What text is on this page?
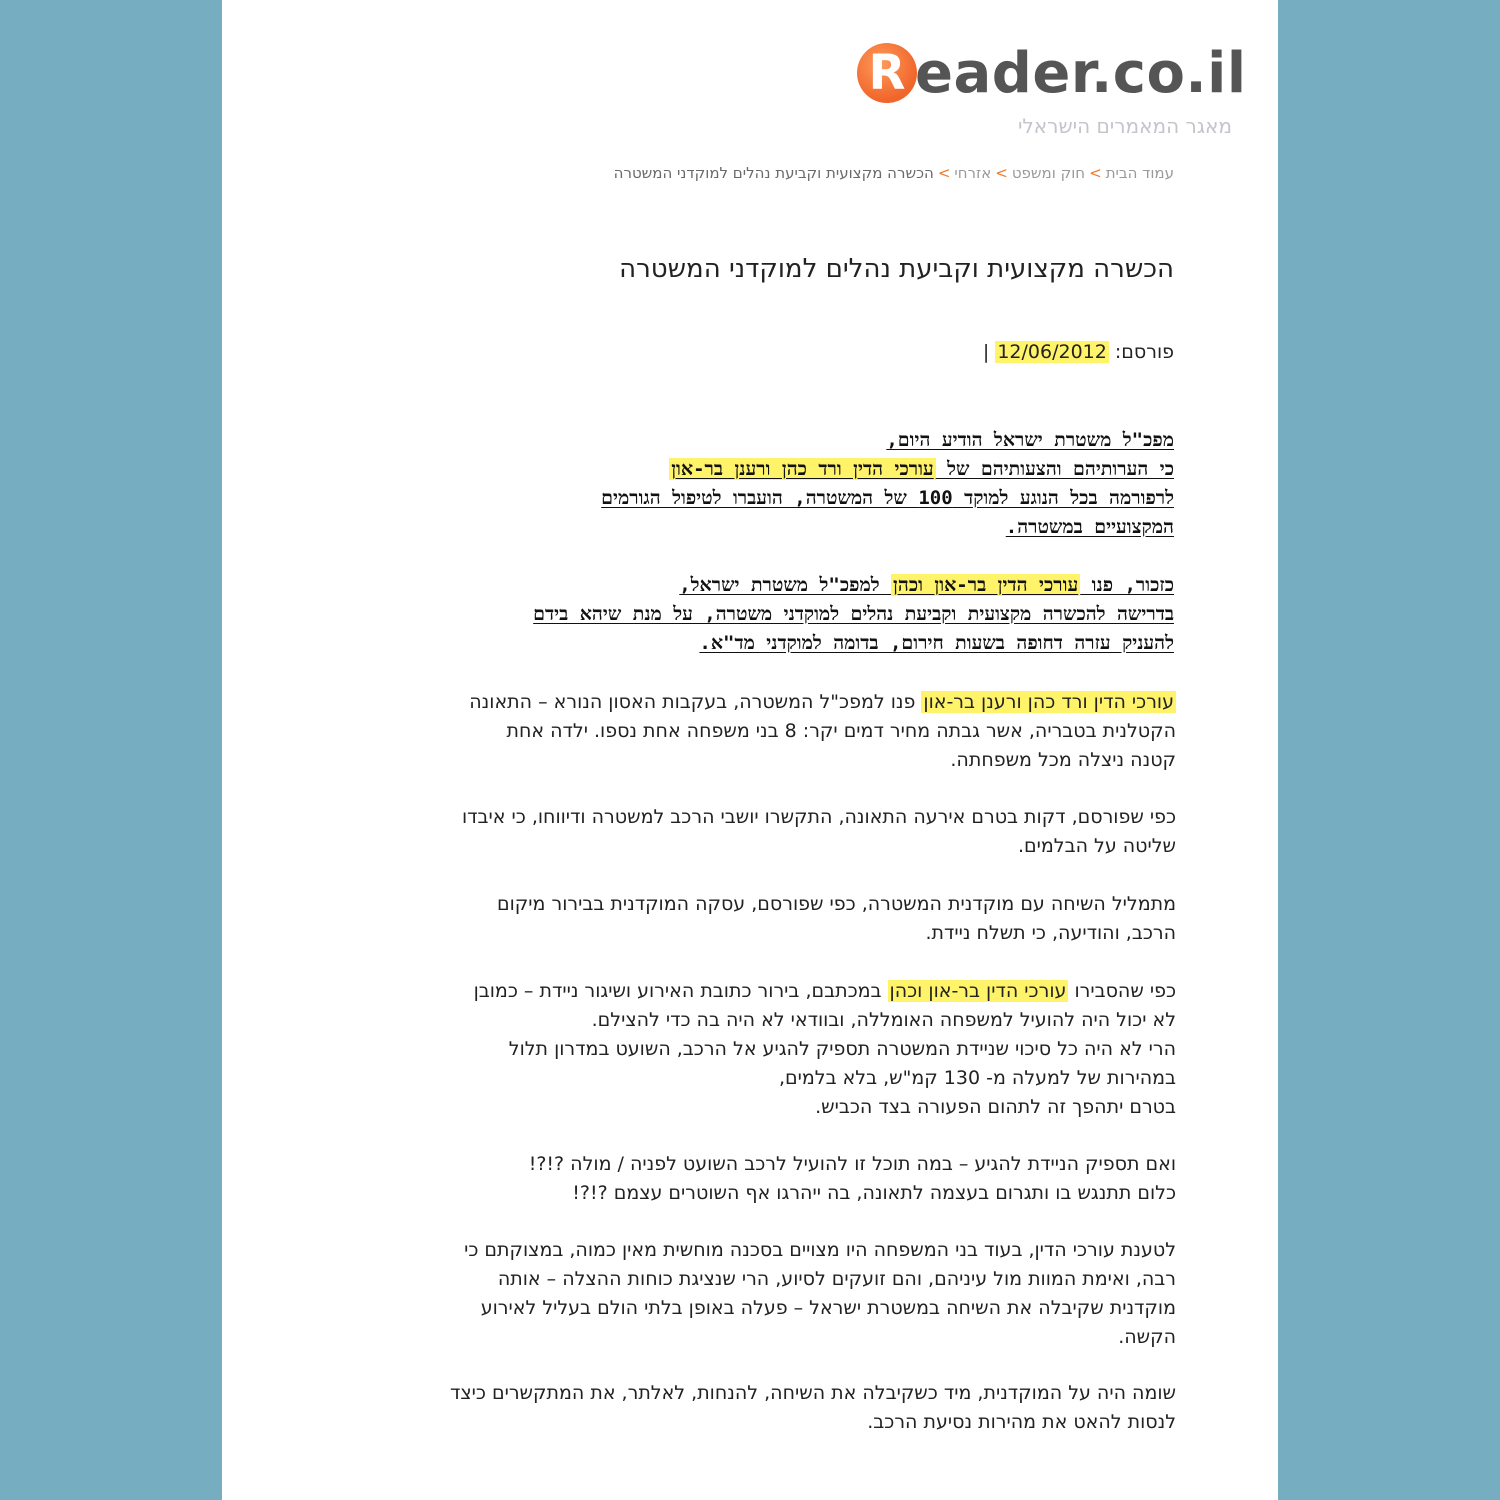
R eader.co.il
מאגר המאמרים הישראלי
עמוד הבית>חוק ומשפט>אזרחי>הכשרה מקצועית וקביעת נהלים למוקדני המשטרה
הכשרה מקצועית וקביעת נהלים למוקדני המשטרה
פורסם: 12/06/2012 |
מפכ"ל משטרת ישראל הודיע היום,
כי הערותיהם והצעותיהם של עורכי הדין ורד כהן ורענן בר-און
לרפורמה בכל הנוגע למוקד 100 של המשטרה, הועברו לטיפול הגורמים
המקצועיים במשטרה.
כזכור, פנו עורכי הדין בר-און וכהן למפכ"ל משטרת ישראל,
בדרישה להכשרה מקצועית וקביעת נהלים למוקדני משטרה, על מנת שיהא בידם
להעניק עזרה דחופה בשעות חירום, בדומה למוקדני מד"א.
עורכי הדין ורד כהן ורענן בר-און פנו למפכ"ל המשטרה, בעקבות האסון הנורא – התאונה
הקטלנית בטבריה, אשר גבתה מחיר דמים יקר: 8 בני משפחה אחת נספו. ילדה אחת
קטנה ניצלה מכל משפחתה.
כפי שפורסם, דקות בטרם אירעה התאונה, התקשרו יושבי הרכב למשטרה ודיווחו, כי איבדו
שליטה על הבלמים.
מתמליל השיחה עם מוקדנית המשטרה, כפי שפורסם, עסקה המוקדנית בבירור מיקום
הרכב, והודיעה, כי תשלח ניידת.
כפי שהסבירו עורכי הדין בר-און וכהן במכתבם, בירור כתובת האירוע ושיגור ניידת – כמובן
לא יכול היה להועיל למשפחה האומללה, ובוודאי לא היה בה כדי להצילם.
הרי לא היה כל סיכוי שניידת המשטרה תספיק להגיע אל הרכב, השועט במדרון תלול
במהירות של למעלה מ- 130 קמ"ש, בלא בלמים,
בטרם יתהפך זה לתהום הפעורה בצד הכביש.
ואם תספיק הניידת להגיע – במה תוכל זו להועיל לרכב השועט לפניה / מולה ?!?!
כלום תתנגש בו ותגרום בעצמה לתאונה, בה ייהרגו אף השוטרים עצמם ?!?!
לטענת עורכי הדין, בעוד בני המשפחה היו מצויים בסכנה מוחשית מאין כמוה, במצוקתם כי
רבה, ואימת המוות מול עיניהם, והם זועקים לסיוע, הרי שנציגת כוחות ההצלה – אותה
מוקדנית שקיבלה את השיחה במשטרת ישראל – פעלה באופן בלתי הולם בעליל לאירוע
הקשה.
שומה היה על המוקדנית, מיד כשקיבלה את השיחה, להנחות, לאלתר, את המתקשרים כיצד
לנסות להאט את מהירות נסיעת הרכב.
